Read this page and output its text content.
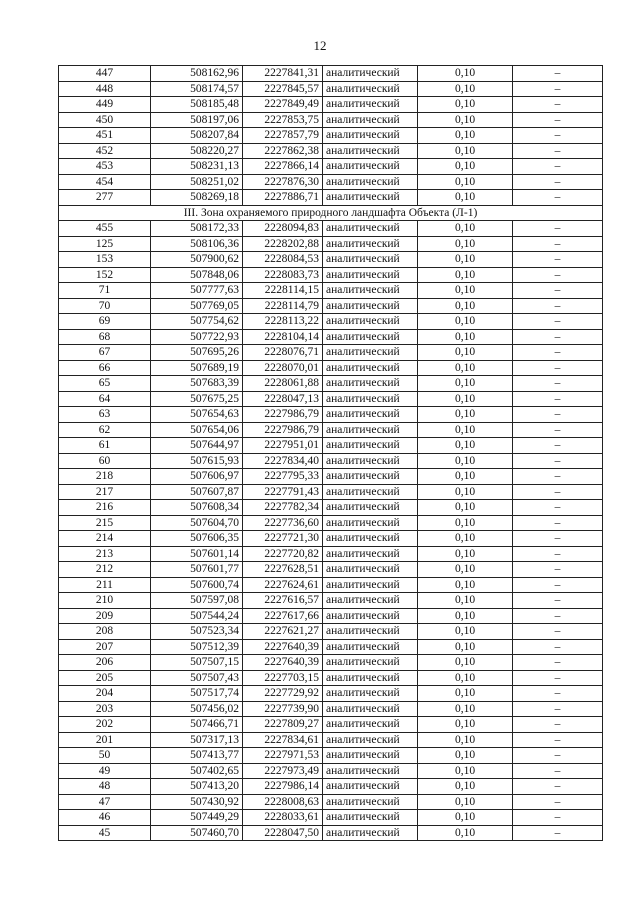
12
447	508162,96	2227841,31	аналитический	0,10	–
448	508174,57	2227845,57	аналитический	0,10	–
449	508185,48	2227849,49	аналитический	0,10	–
450	508197,06	2227853,75	аналитический	0,10	–
451	508207,84	2227857,79	аналитический	0,10	–
452	508220,27	2227862,38	аналитический	0,10	–
453	508231,13	2227866,14	аналитический	0,10	–
454	508251,02	2227876,30	аналитический	0,10	–
277	508269,18	2227886,71	аналитический	0,10	–
III. Зона охраняемого природного ландшафта Объекта (Л-1)					
455	508172,33	2228094,83	аналитический	0,10	–
125	508106,36	2228202,88	аналитический	0,10	–
153	507900,62	2228084,53	аналитический	0,10	–
152	507848,06	2228083,73	аналитический	0,10	–
71	507777,63	2228114,15	аналитический	0,10	–
70	507769,05	2228114,79	аналитический	0,10	–
69	507754,62	2228113,22	аналитический	0,10	–
68	507722,93	2228104,14	аналитический	0,10	–
67	507695,26	2228076,71	аналитический	0,10	–
66	507689,19	2228070,01	аналитический	0,10	–
65	507683,39	2228061,88	аналитический	0,10	–
64	507675,25	2228047,13	аналитический	0,10	–
63	507654,63	2227986,79	аналитический	0,10	–
62	507654,06	2227986,79	аналитический	0,10	–
61	507644,97	2227951,01	аналитический	0,10	–
60	507615,93	2227834,40	аналитический	0,10	–
218	507606,97	2227795,33	аналитический	0,10	–
217	507607,87	2227791,43	аналитический	0,10	–
216	507608,34	2227782,34	аналитический	0,10	–
215	507604,70	2227736,60	аналитический	0,10	–
214	507606,35	2227721,30	аналитический	0,10	–
213	507601,14	2227720,82	аналитический	0,10	–
212	507601,77	2227628,51	аналитический	0,10	–
211	507600,74	2227624,61	аналитический	0,10	–
210	507597,08	2227616,57	аналитический	0,10	–
209	507544,24	2227617,66	аналитический	0,10	–
208	507523,34	2227621,27	аналитический	0,10	–
207	507512,39	2227640,39	аналитический	0,10	–
206	507507,15	2227640,39	аналитический	0,10	–
205	507507,43	2227703,15	аналитический	0,10	–
204	507517,74	2227729,92	аналитический	0,10	–
203	507456,02	2227739,90	аналитический	0,10	–
202	507466,71	2227809,27	аналитический	0,10	–
201	507317,13	2227834,61	аналитический	0,10	–
50	507413,77	2227971,53	аналитический	0,10	–
49	507402,65	2227973,49	аналитический	0,10	–
48	507413,20	2227986,14	аналитический	0,10	–
47	507430,92	2228008,63	аналитический	0,10	–
46	507449,29	2228033,61	аналитический	0,10	–
45	507460,70	2228047,50	аналитический	0,10	–
